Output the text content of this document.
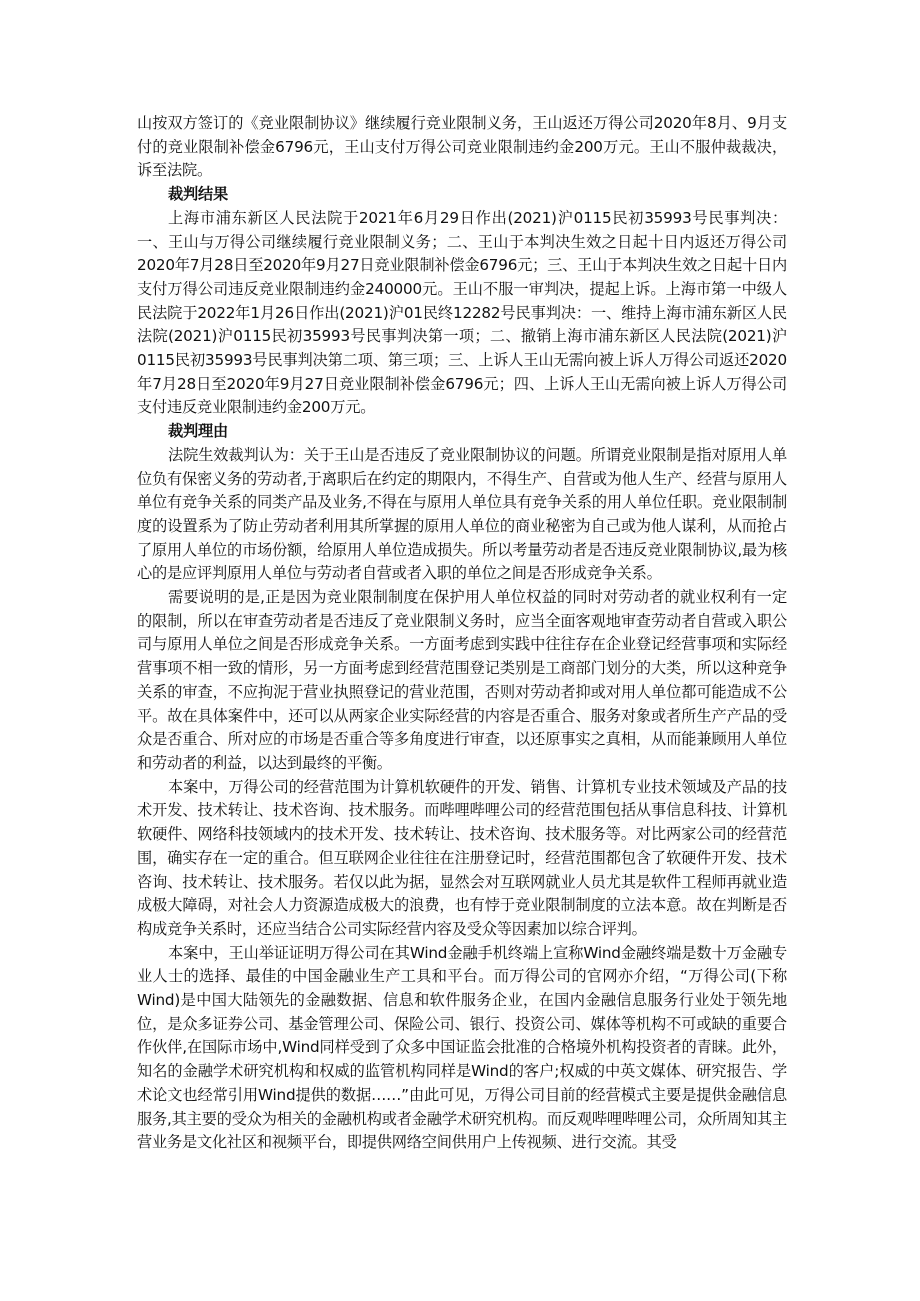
山按双方签订的《竞业限制协议》继续履行竞业限制义务，王山返还万得公司2020年8月、9月支付的竞业限制补偿金6796元，王山支付万得公司竞业限制违约金200万元。王山不服仲裁裁决，诉至法院。

裁判结果

上海市浦东新区人民法院于2021年6月29日作出(2021)沪0115民初35993号民事判决：一、王山与万得公司继续履行竞业限制义务；二、王山于本判决生效之日起十日内返还万得公司2020年7月28日至2020年9月27日竞业限制补偿金6796元；三、王山于本判决生效之日起十日内支付万得公司违反竞业限制违约金240000元。王山不服一审判决，提起上诉。上海市第一中级人民法院于2022年1月26日作出(2021)沪01民终12282号民事判决：一、维持上海市浦东新区人民法院(2021)沪0115民初35993号民事判决第一项；二、撤销上海市浦东新区人民法院(2021)沪0115民初35993号民事判决第二项、第三项；三、上诉人王山无需向被上诉人万得公司返还2020年7月28日至2020年9月27日竞业限制补偿金6796元；四、上诉人王山无需向被上诉人万得公司支付违反竞业限制违约金200万元。

裁判理由

法院生效裁判认为：关于王山是否违反了竞业限制协议的问题。所谓竞业限制是指对原用人单位负有保密义务的劳动者,于离职后在约定的期限内，不得生产、自营或为他人生产、经营与原用人单位有竞争关系的同类产品及业务,不得在与原用人单位具有竞争关系的用人单位任职。竞业限制制度的设置系为了防止劳动者利用其所掌握的原用人单位的商业秘密为自己或为他人谋利，从而抢占了原用人单位的市场份额，给原用人单位造成损失。所以考量劳动者是否违反竞业限制协议,最为核心的是应评判原用人单位与劳动者自营或者入职的单位之间是否形成竞争关系。

需要说明的是,正是因为竞业限制制度在保护用人单位权益的同时对劳动者的就业权利有一定的限制，所以在审查劳动者是否违反了竞业限制义务时，应当全面客观地审查劳动者自营或入职公司与原用人单位之间是否形成竞争关系。一方面考虑到实践中往往存在企业登记经营事项和实际经营事项不相一致的情形，另一方面考虑到经营范围登记类别是工商部门划分的大类，所以这种竞争关系的审查，不应拘泥于营业执照登记的营业范围，否则对劳动者抑或对用人单位都可能造成不公平。故在具体案件中，还可以从两家企业实际经营的内容是否重合、服务对象或者所生产产品的受众是否重合、所对应的市场是否重合等多角度进行审查，以还原事实之真相，从而能兼顾用人单位和劳动者的利益，以达到最终的平衡。

本案中，万得公司的经营范围为计算机软硬件的开发、销售、计算机专业技术领域及产品的技术开发、技术转让、技术咨询、技术服务。而哔哩哔哩公司的经营范围包括从事信息科技、计算机软硬件、网络科技领域内的技术开发、技术转让、技术咨询、技术服务等。对比两家公司的经营范围，确实存在一定的重合。但互联网企业往往在注册登记时，经营范围都包含了软硬件开发、技术咨询、技术转让、技术服务。若仅以此为据，显然会对互联网就业人员尤其是软件工程师再就业造成极大障碍，对社会人力资源造成极大的浪费，也有悖于竞业限制制度的立法本意。故在判断是否构成竞争关系时，还应当结合公司实际经营内容及受众等因素加以综合评判。

本案中，王山举证证明万得公司在其Wind金融手机终端上宣称Wind金融终端是数十万金融专业人士的选择、最佳的中国金融业生产工具和平台。而万得公司的官网亦介绍，“万得公司(下称Wind)是中国大陆领先的金融数据、信息和软件服务企业，在国内金融信息服务行业处于领先地位，是众多证券公司、基金管理公司、保险公司、银行、投资公司、媒体等机构不可或缺的重要合作伙伴,在国际市场中,Wind同样受到了众多中国证监会批准的合格境外机构投资者的青睐。此外，知名的金融学术研究机构和权威的监管机构同样是Wind的客户;权威的中英文媒体、研究报告、学术论文也经常引用Wind提供的数据……”由此可见，万得公司目前的经营模式主要是提供金融信息服务,其主要的受众为相关的金融机构或者金融学术研究机构。而反观哔哩哔哩公司，众所周知其主营业务是文化社区和视频平台，即提供网络空间供用户上传视频、进行交流。其受
